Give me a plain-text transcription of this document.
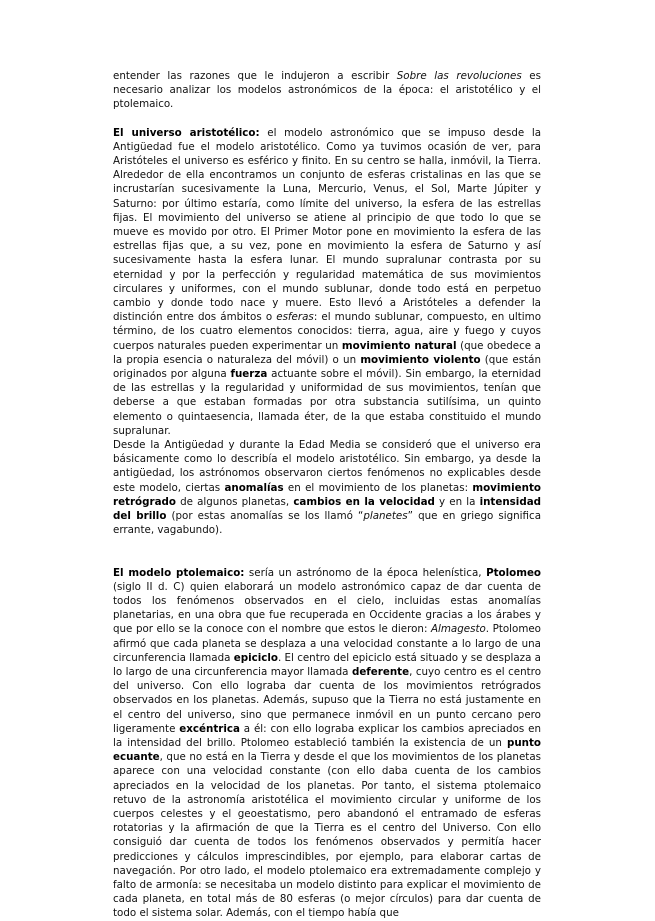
entender las razones que le indujeron a escribir Sobre las revoluciones es necesario analizar los modelos astronómicos de la época: el aristotélico y el ptolemaico.

El universo aristotélico: el modelo astronómico que se impuso desde la Antigüedad fue el modelo aristotélico. Como ya tuvimos ocasión de ver, para Aristóteles el universo es esférico y finito. En su centro se halla, inmóvil, la Tierra. Alrededor de ella encontramos un conjunto de esferas cristalinas en las que se incrustarían sucesivamente la Luna, Mercurio, Venus, el Sol, Marte Júpiter y Saturno: por último estaría, como límite del universo, la esfera de las estrellas fijas. El movimiento del universo se atiene al principio de que todo lo que se mueve es movido por otro. El Primer Motor pone en movimiento la esfera de las estrellas fijas que, a su vez, pone en movimiento la esfera de Saturno y así sucesivamente hasta la esfera lunar. El mundo supralunar contrasta por su eternidad y por la perfección y regularidad matemática de sus movimientos circulares y uniformes, con el mundo sublunar, donde todo está en perpetuo cambio y donde todo nace y muere. Esto llevó a Aristóteles a defender la distinción entre dos ámbitos o esferas: el mundo sublunar, compuesto, en ultimo término, de los cuatro elementos conocidos: tierra, agua, aire y fuego y cuyos cuerpos naturales pueden experimentar un movimiento natural (que obedece a la propia esencia o naturaleza del móvil) o un movimiento violento (que están originados por alguna fuerza actuante sobre el móvil). Sin embargo, la eternidad de las estrellas y la regularidad y uniformidad de sus movimientos, tenían que deberse a que estaban formadas por otra substancia sutilísima, un quinto elemento o quintaesencia, llamada éter, de la que estaba constituido el mundo supralunar.

Desde la Antigüedad y durante la Edad Media se consideró que el universo era básicamente como lo describía el modelo aristotélico. Sin embargo, ya desde la antigüedad, los astrónomos observaron ciertos fenómenos no explicables desde este modelo, ciertas anomalías en el movimiento de los planetas: movimiento retrógrado de algunos planetas, cambios en la velocidad y en la intensidad del brillo (por estas anomalías se los llamó “planetes” que en griego significa errante, vagabundo).

El modelo ptolemaico: sería un astrónomo de la época helenística, Ptolomeo (siglo II d. C) quien elaborará un modelo astronómico capaz de dar cuenta de todos los fenómenos observados en el cielo, incluidas estas anomalías planetarias, en una obra que fue recuperada en Occidente gracias a los árabes y que por ello se la conoce con el nombre que estos le dieron: Almagesto. Ptolomeo afirmó que cada planeta se desplaza a una velocidad constante a lo largo de una circunferencia llamada epiciclo. El centro del epiciclo está situado y se desplaza a lo largo de una circunferencia mayor llamada deferente, cuyo centro es el centro del universo. Con ello lograba dar cuenta de los movimientos retrógrados observados en los planetas. Además, supuso que la Tierra no está justamente en el centro del universo, sino que permanece inmóvil en un punto cercano pero ligeramente excéntrica a él: con ello lograba explicar los cambios apreciados en la intensidad del brillo. Ptolomeo estableció también la existencia de un punto ecuante, que no está en la Tierra y desde el que los movimientos de los planetas aparece con una velocidad constante (con ello daba cuenta de los cambios apreciados en la velocidad de los planetas. Por tanto, el sistema ptolemaico retuvo de la astronomía aristotélica el movimiento circular y uniforme de los cuerpos celestes y el geoestatismo, pero abandonó el entramado de esferas rotatorias y la afirmación de que la Tierra es el centro del Universo. Con ello consiguió dar cuenta de todos los fenómenos observados y permitía hacer predicciones y cálculos imprescindibles, por ejemplo, para elaborar cartas de navegación. Por otro lado, el modelo ptolemaico era extremadamente complejo y falto de armonía: se necesitaba un modelo distinto para explicar el movimiento de cada planeta, en total más de 80 esferas (o mejor círculos) para dar cuenta de todo el sistema solar. Además, con el tiempo había que
